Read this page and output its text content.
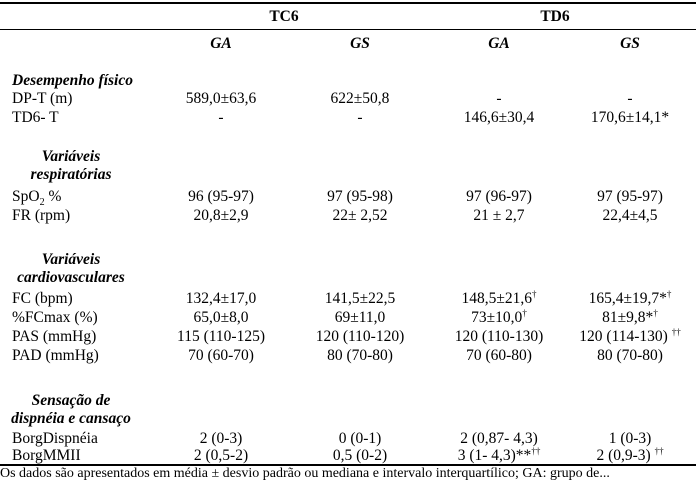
TC6	TD6
GA	GS	GA	GS
Desempenho físico
DP-T (m)	589,0±63,6	622±50,8	-	-
TD6- T	-	-	146,6±30,4	170,6±14,1*
Variáveis
respiratórias
SpO$_2$ %	96 (95-97)	97 (95-98)	97 (96-97)	97 (95-97)
FR (rpm)	20,8±2,9	22± 2,52	21 ± 2,7	22,4±4,5
Variáveis
cardiovasculares
FC (bpm)	132,4±17,0	141,5±22,5	148,5±21,6†	165,4±19,7*†
%FCmax (%)	65,0±8,0	69±11,0	73±10,0†	81±9,8*†
PAS (mmHg)	115 (110-125)	120 (110-120)	120 (110-130)	120 (114-130) ††
PAD (mmHg)	70 (60-70)	80 (70-80)	70 (60-80)	80 (70-80)
Sensação de
dispnéia e cansaço
BorgDispnéia	2 (0-3)	0 (0-1)	2 (0,87- 4,3)	1 (0-3)
BorgMMII	2 (0,5-2)	0,5 (0-2)	3 (1- 4,3)**††	2 (0,9-3) ††
Os dados são apresentados em média ± desvio padrão ou mediana e intervalo interquartílico; GA: grupo de...
